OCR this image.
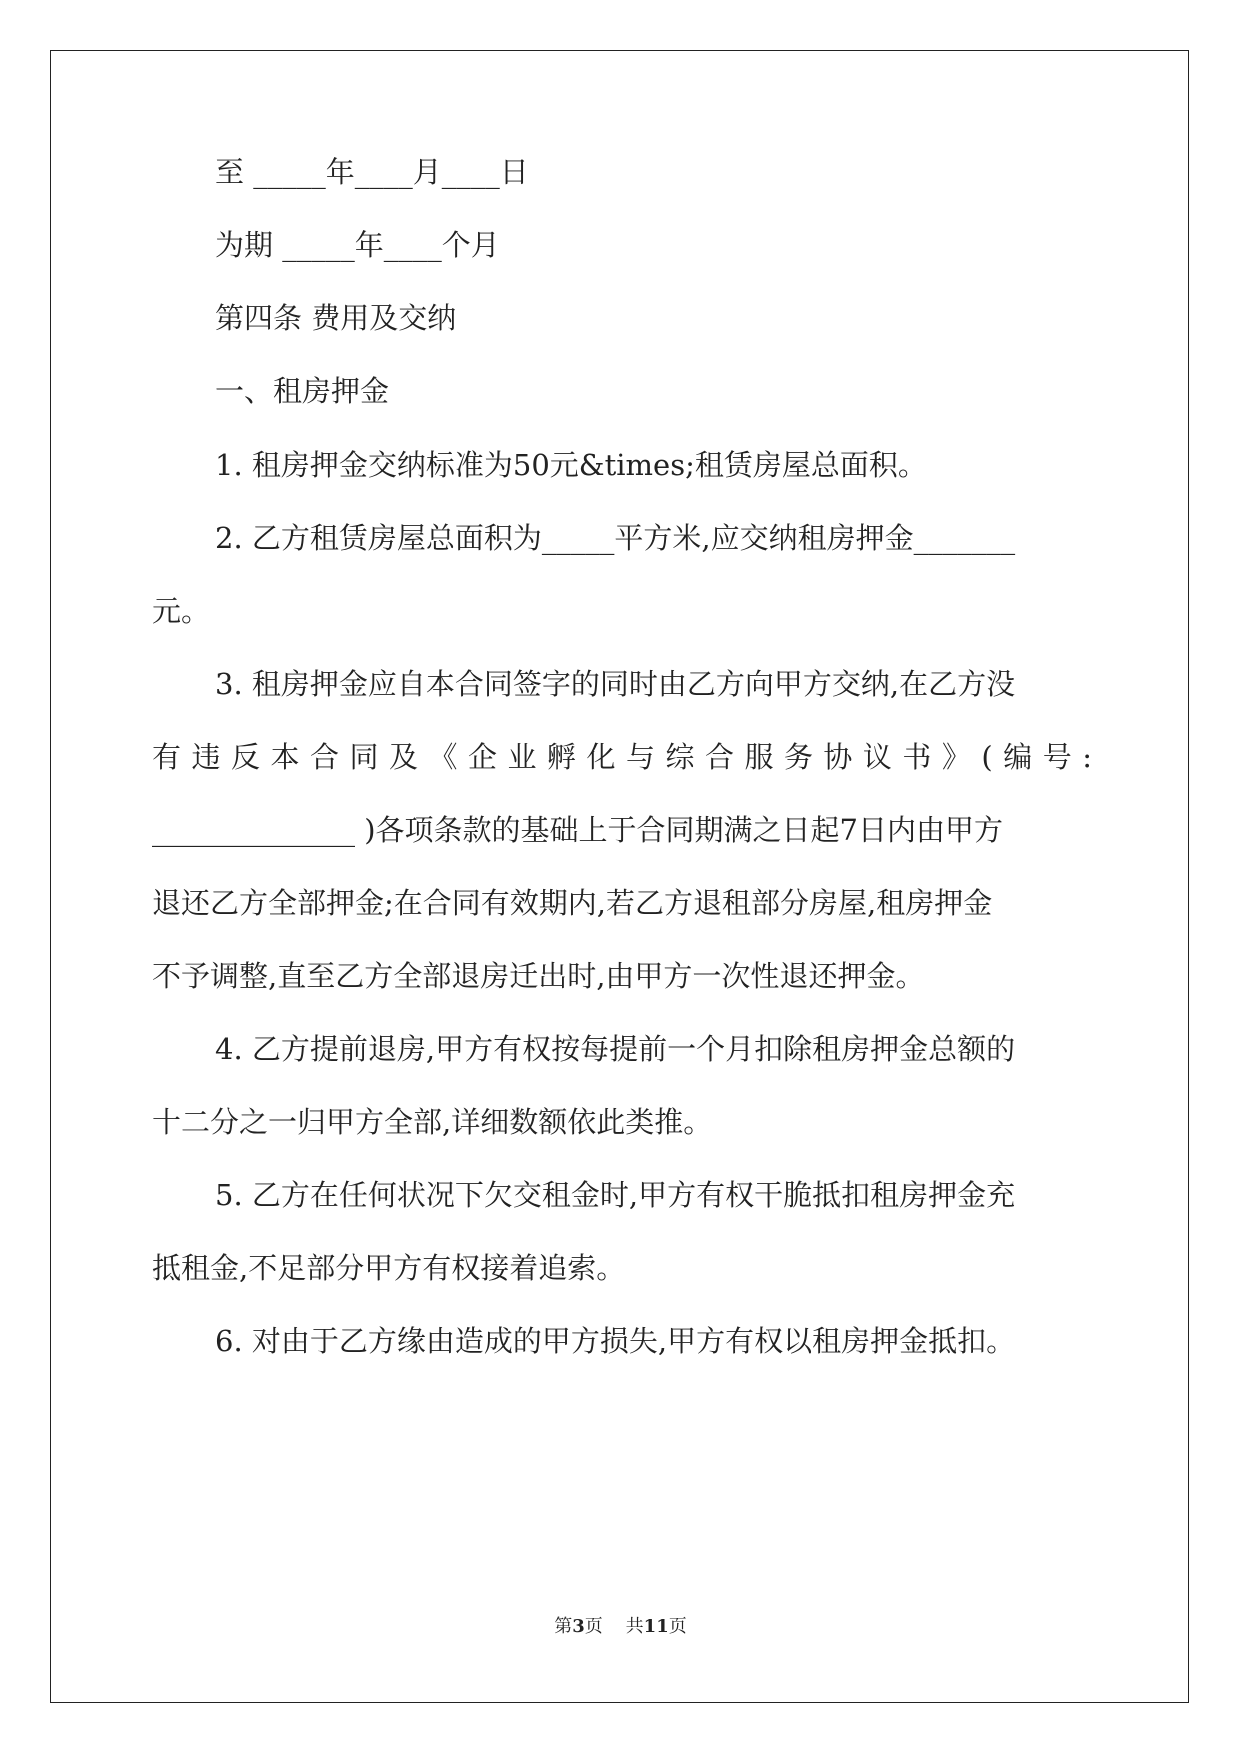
至 _____年____月____日

为期 _____年____个月

第四条 费用及交纳

一、租房押金

1. 租房押金交纳标准为50元&times;租赁房屋总面积。

2. 乙方租赁房屋总面积为_____平方米,应交纳租房押金_______

元。

3. 租房押金应自本合同签字的同时由乙方向甲方交纳,在乙方没

有违反本合同及《企业孵化与综合服务协议书》(编号:

______________ )各项条款的基础上于合同期满之日起7日内由甲方

退还乙方全部押金;在合同有效期内,若乙方退租部分房屋,租房押金

不予调整,直至乙方全部退房迁出时,由甲方一次性退还押金。

4. 乙方提前退房,甲方有权按每提前一个月扣除租房押金总额的

十二分之一归甲方全部,详细数额依此类推。

5. 乙方在任何状况下欠交租金时,甲方有权干脆抵扣租房押金充

抵租金,不足部分甲方有权接着追索。

6. 对由于乙方缘由造成的甲方损失,甲方有权以租房押金抵扣。

第3页 共11页
